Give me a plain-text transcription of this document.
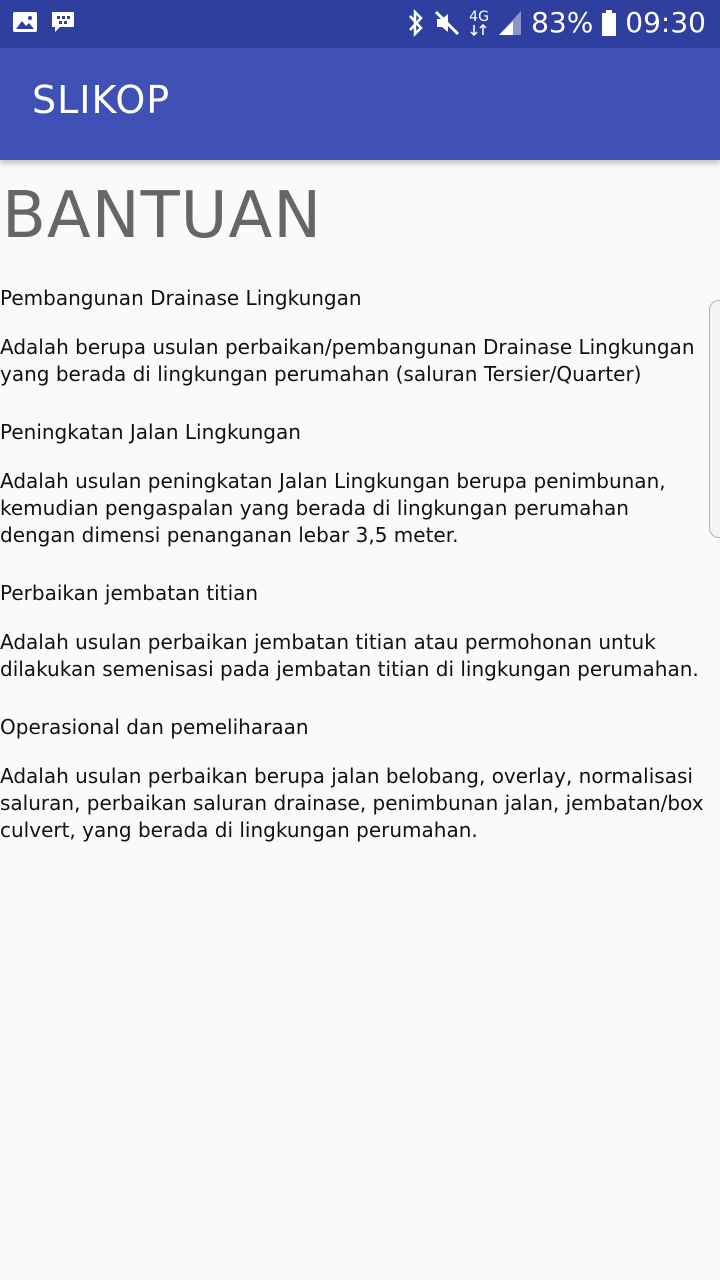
4G 83% 09:30
SLIKOP
BANTUAN
Pembangunan Drainase Lingkungan
Adalah berupa usulan perbaikan/pembangunan Drainase Lingkungan yang berada di lingkungan perumahan (saluran Tersier/Quarter)
Peningkatan Jalan Lingkungan
Adalah usulan peningkatan Jalan Lingkungan berupa penimbunan, kemudian pengaspalan yang berada di lingkungan perumahan dengan dimensi penanganan lebar 3,5 meter.
Perbaikan jembatan titian
Adalah usulan perbaikan jembatan titian atau permohonan untuk dilakukan semenisasi pada jembatan titian di lingkungan perumahan.
Operasional dan pemeliharaan
Adalah usulan perbaikan berupa jalan belobang, overlay, normalisasi saluran, perbaikan saluran drainase, penimbunan jalan, jembatan/box culvert, yang berada di lingkungan perumahan.
